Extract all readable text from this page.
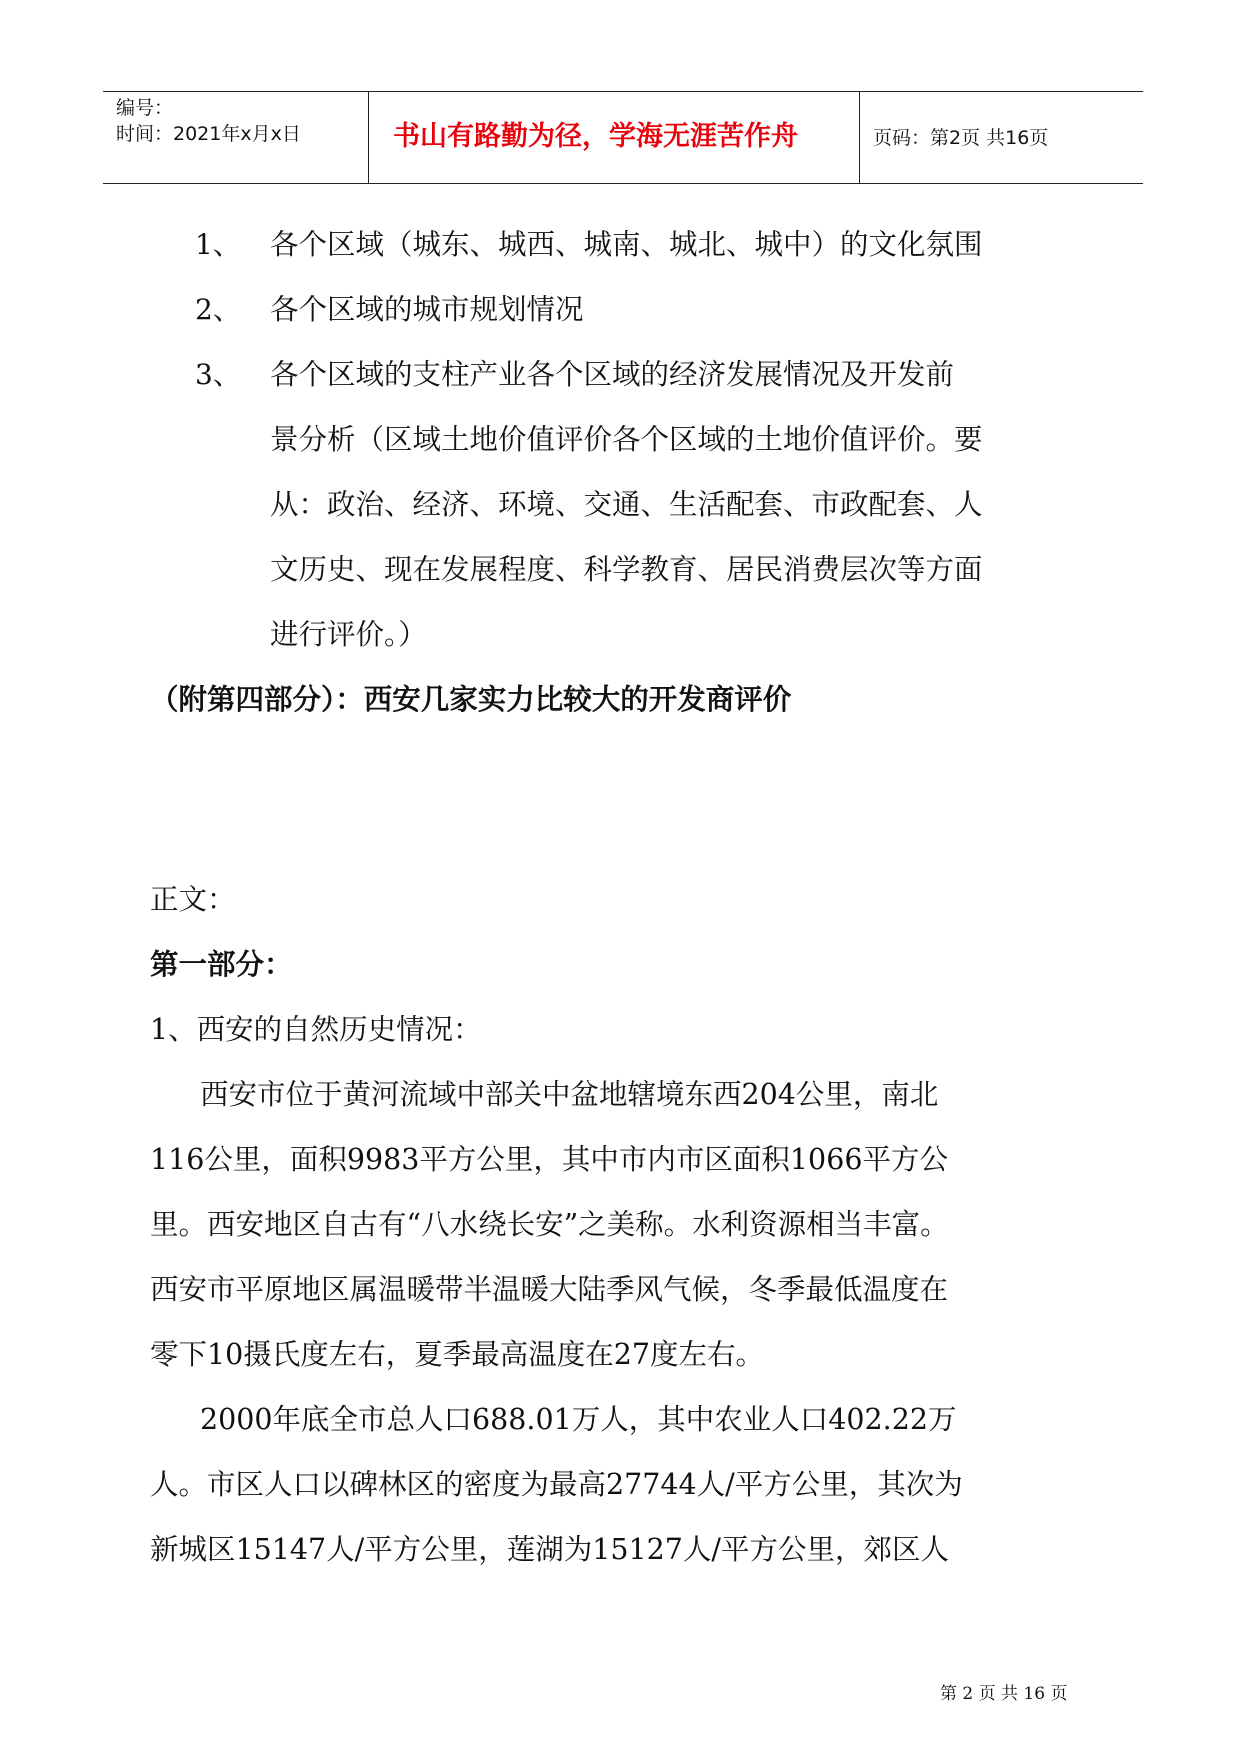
编号：
时间：2021年x月x日	书山有路勤为径，学海无涯苦作舟	页码：第2页 共16页
1、 各个区域（城东、城西、城南、城北、城中）的文化氛围
2、 各个区域的城市规划情况
3、 各个区域的支柱产业各个区域的经济发展情况及开发前
景分析（区域土地价值评价各个区域的土地价值评价。要
从：政治、经济、环境、交通、生活配套、市政配套、人
文历史、现在发展程度、科学教育、居民消费层次等方面
进行评价。）
（附第四部分）：西安几家实力比较大的开发商评价
正文：
第一部分：
1、西安的自然历史情况：
西安市位于黄河流域中部关中盆地辖境东西204公里，南北
116公里，面积9983平方公里，其中市内市区面积1066平方公
里。西安地区自古有“八水绕长安”之美称。水利资源相当丰富。
西安市平原地区属温暖带半温暖大陆季风气候，冬季最低温度在
零下10摄氏度左右，夏季最高温度在27度左右。
2000年底全市总人口688.01万人，其中农业人口402.22万
人。市区人口以碑林区的密度为最高27744人/平方公里，其次为
新城区15147人/平方公里，莲湖为15127人/平方公里，郊区人
第 2 页 共 16 页
